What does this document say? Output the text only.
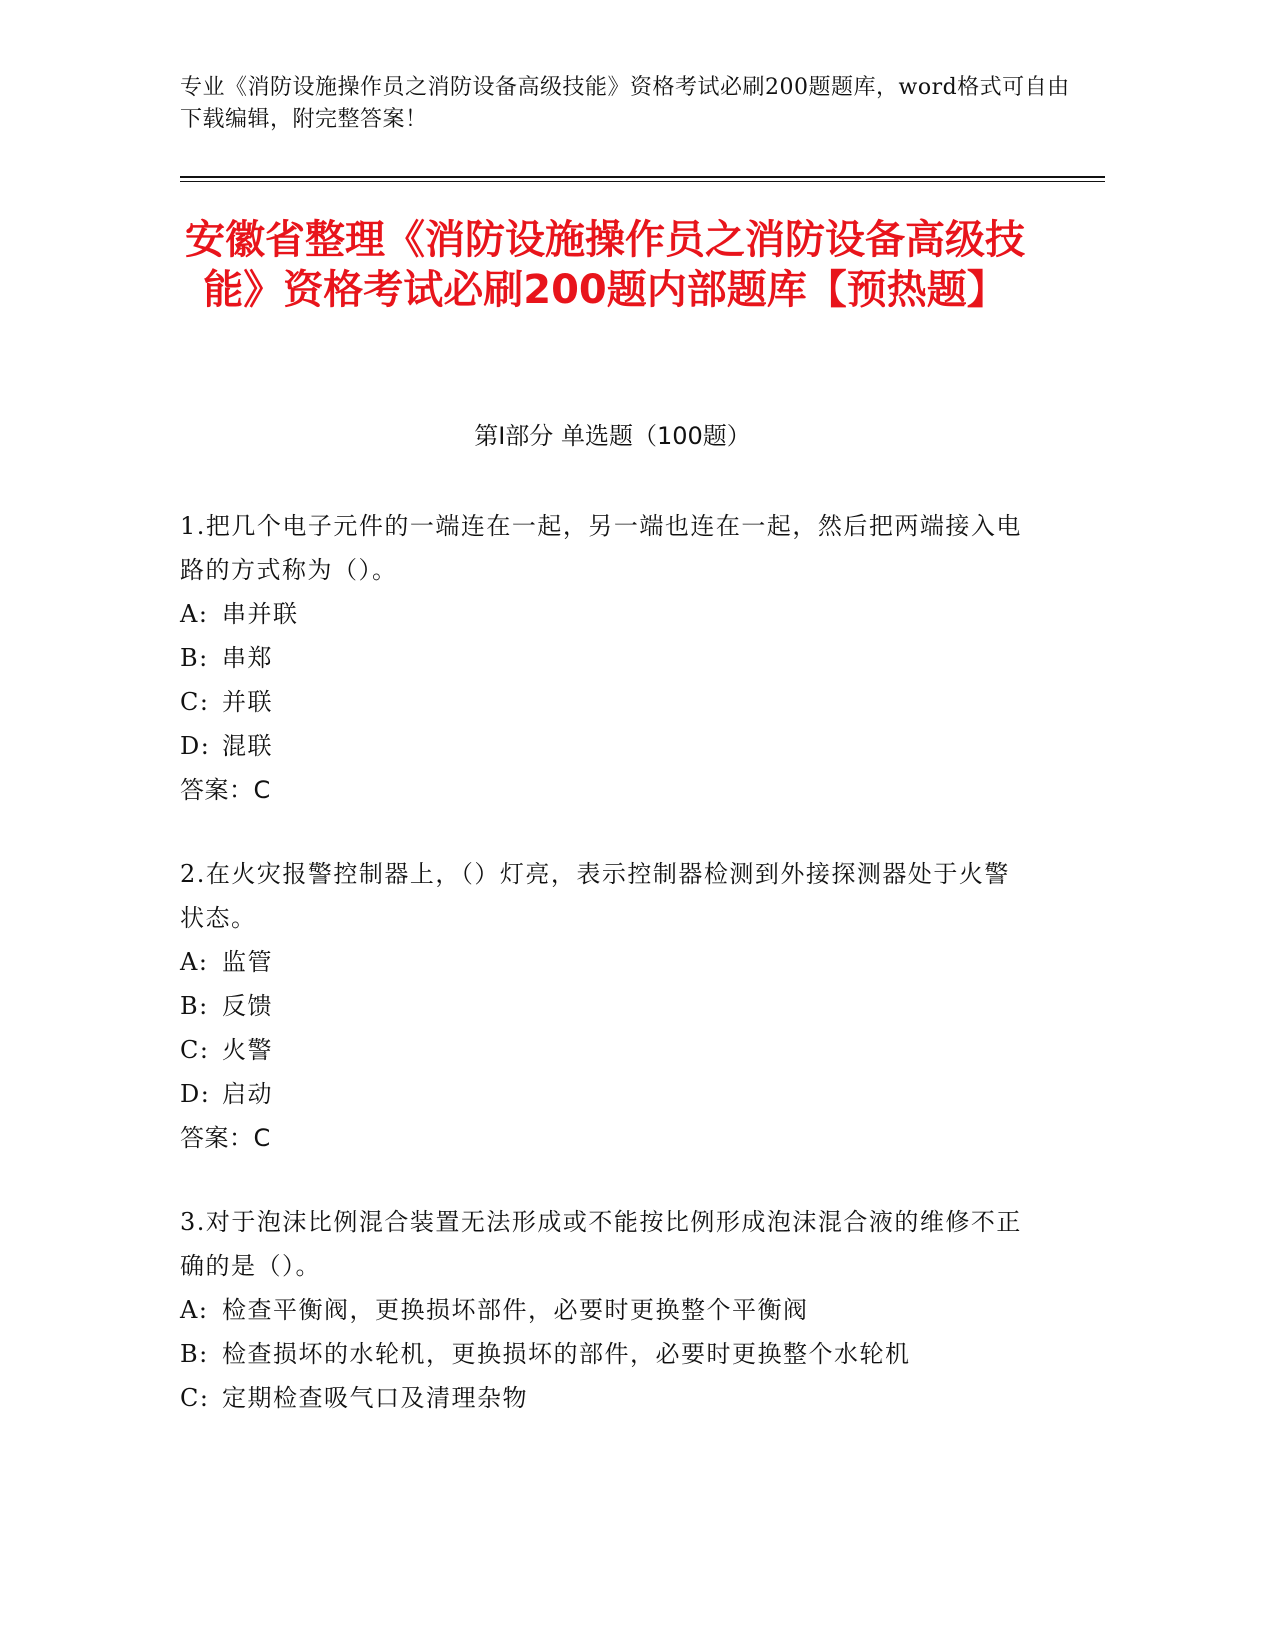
专业《消防设施操作员之消防设备高级技能》资格考试必刷200题题库，word格式可自由下载编辑，附完整答案！
安徽省整理《消防设施操作员之消防设备高级技能》资格考试必刷200题内部题库【预热题】
第I部分 单选题（100题）

1.把几个电子元件的一端连在一起，另一端也连在一起，然后把两端接入电路的方式称为（）。

A: 串并联
B: 串郑
C: 并联
D: 混联

答案：C

2.在火灾报警控制器上，（）灯亮，表示控制器检测到外接探测器处于火警状态。

A: 监管
B: 反馈
C: 火警
D: 启动

答案：C

3.对于泡沫比例混合装置无法形成或不能按比例形成泡沫混合液的维修不正确的是（）。

A: 检查平衡阀，更换损坏部件，必要时更换整个平衡阀
B: 检查损坏的水轮机，更换损坏的部件，必要时更换整个水轮机
C: 定期检查吸气口及清理杂物
